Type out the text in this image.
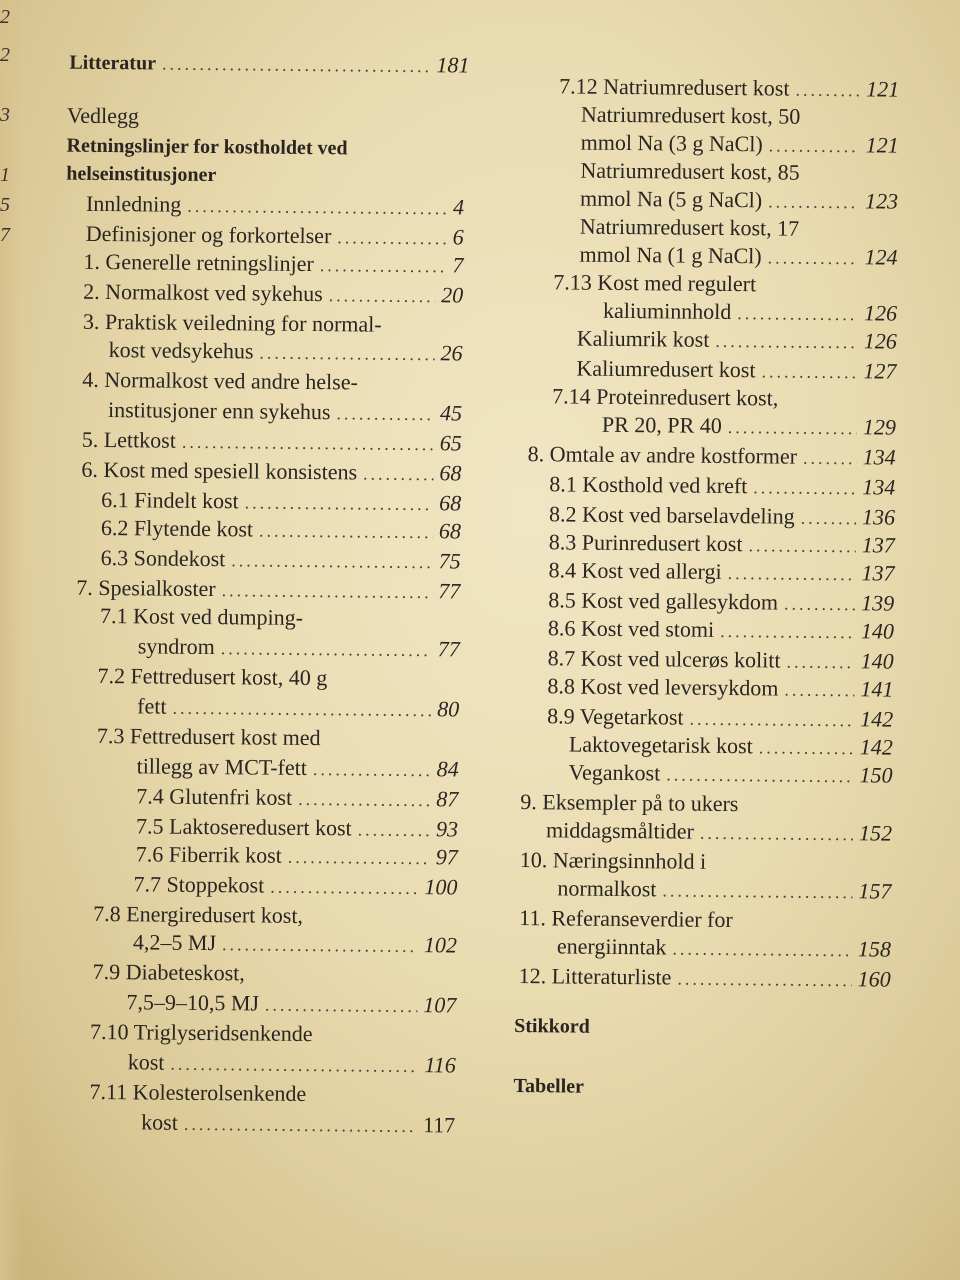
2
2
3
1
5
7
Litteratur .....	181
Vedlegg
Retningslinjer for kostholdet ved
helseinstitusjoner
Innledning .....	4
Definisjoner og forkortelser .....	6
1. Generelle retningslinjer .....	7
2. Normalkost ved sykehus .....	20
3. Praktisk veiledning for normal-
kost vedsykehus .....	26
4. Normalkost ved andre helse-
institusjoner enn sykehus .....	45
5. Lettkost .....	65
6. Kost med spesiell konsistens .....	68
6.1 Findelt kost .....	68
6.2 Flytende kost .....	68
6.3 Sondekost .....	75
7. Spesialkoster .....	77
7.1 Kost ved dumping-
syndrom .....	77
7.2 Fettredusert kost, 40 g
fett .....	80
7.3 Fettredusert kost med
tillegg av MCT-fett .....	84
7.4 Glutenfri kost .....	87
7.5 Laktoseredusert kost .....	93
7.6 Fiberrik kost .....	97
7.7 Stoppekost .....	100
7.8 Energiredusert kost,
4,2–5 MJ .....	102
7.9 Diabeteskost,
7,5–9–10,5 MJ .....	107
7.10 Triglyseridsenkende
kost .....	116
7.11 Kolesterolsenkende
kost .....	117
7.12 Natriumredusert kost .....	121
Natriumredusert kost, 50
mmol Na (3 g NaCl) .....	121
Natriumredusert kost, 85
mmol Na (5 g NaCl) .....	123
Natriumredusert kost, 17
mmol Na (1 g NaCl) .....	124
7.13 Kost med regulert
kaliuminnhold .....	126
Kaliumrik kost .....	126
Kaliumredusert kost .....	127
7.14 Proteinredusert kost,
PR 20, PR 40 .....	129
8. Omtale av andre kostformer .....	134
8.1 Kosthold ved kreft .....	134
8.2 Kost ved barselavdeling .....	136
8.3 Purinredusert kost .....	137
8.4 Kost ved allergi .....	137
8.5 Kost ved gallesykdom .....	139
8.6 Kost ved stomi .....	140
8.7 Kost ved ulcerøs kolitt .....	140
8.8 Kost ved leversykdom .....	141
8.9 Vegetarkost .....	142
Laktovegetarisk kost .....	142
Vegankost .....	150
9. Eksempler på to ukers
middagsmåltider .....	152
10. Næringsinnhold i
normalkost .....	157
11. Referanseverdier for
energiinntak .....	158
12. Litteraturliste .....	160
Stikkord
Tabeller
